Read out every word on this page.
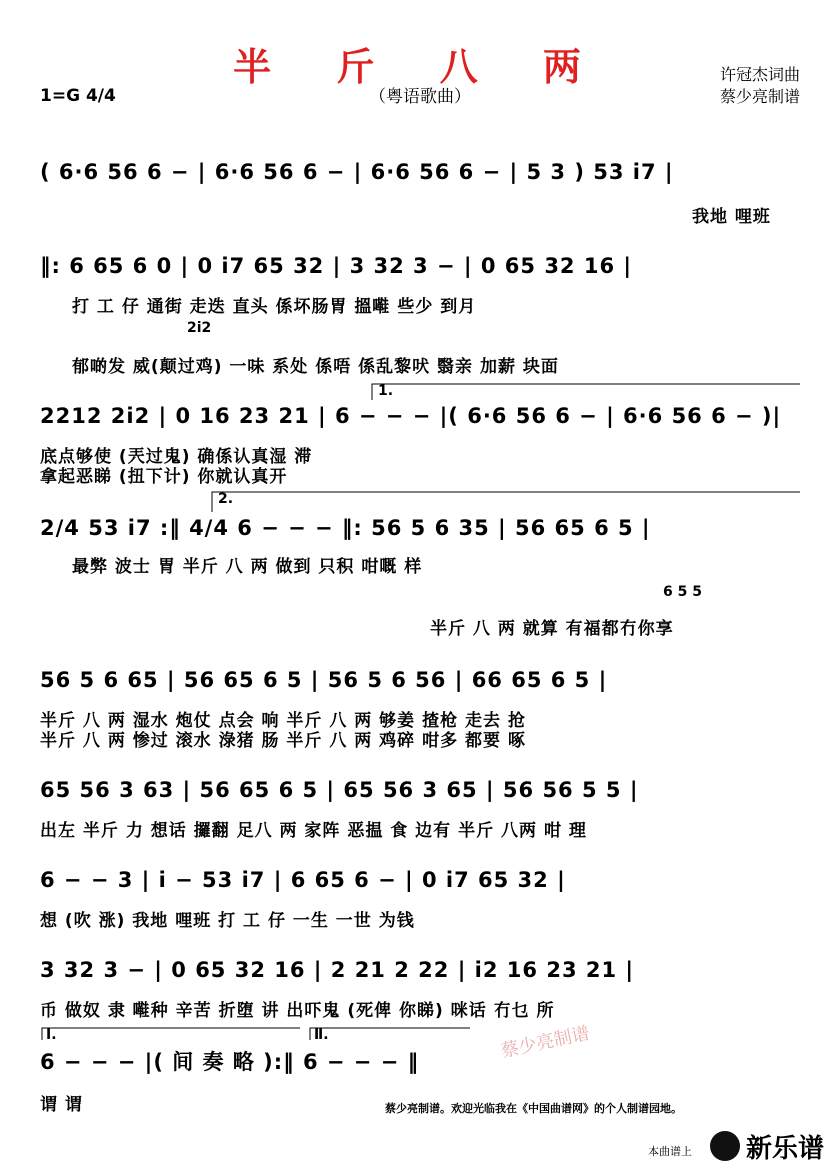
半 斤 八 两
（粤语歌曲）
1=G 4/4
许冠杰词曲
蔡少亮制谱
( 6·6 56 6 − | 6·6 56 6 − | 6·6 56 6 − | 5 3 ) 53 i7 |
我地 哩班
‖: 6 65 6 0 | 0 i7 65 32 | 3 32 3 − | 0 65 32 16 |
打 工 仔 通街 走迭 直头 係坏肠胃 搵嚡 些少 到月
2i2
郁啲发 威(颠过鸡) 一味 系处 係唔 係乱黎吠 翳亲 加薪 块面
2212 2i2 | 0 16 23 21 | 6 − − − |( 6·6 56 6 − | 6·6 56 6 − )|
底点够使 (兲过鬼) 确係认真湿 滞
拿起恶睇 (扭下计) 你就认真开
2/4 53 i7 :‖ 4/4 6 − − − ‖: 56 5 6 35 | 56 65 6 5 |
最弊 波士 胃 半斤 八 两 做到 只积 咁嘅 样
6 5 5
半斤 八 两 就算 有福都冇你享
56 5 6 65 | 56 65 6 5 | 56 5 6 56 | 66 65 6 5 |
半斤 八 两 湿水 炮仗 点会 响 半斤 八 两 够姜 揸枪 走去 抢
半斤 八 两 惨过 滚水 淥猪 肠 半斤 八 两 鸡碎 咁多 都要 啄
65 56 3 63 | 56 65 6 5 | 65 56 3 65 | 56 56 5 5 |
出左 半斤 力 想话 攞翻 足八 两 家阵 恶揾 食 边有 半斤 八两 咁 理
6 − − 3 | i − 53 i7 | 6 65 6 − | 0 i7 65 32 |
想 (吹 涨) 我地 哩班 打 工 仔 一生 一世 为钱
3 32 3 − | 0 65 32 16 | 2 21 2 22 | i2 16 23 21 |
币 做奴 隶 嚡种 辛苦 折堕 讲 出吓鬼 (死俾 你睇) 咪话 冇乜 所
6 − − − |( 间 奏 略 ):‖ 6 − − − ‖
谓 谓
1.
2.
Ⅰ.	Ⅱ.	蔡少亮制谱
蔡少亮制谱。欢迎光临我在《中国曲谱网》的个人制谱园地。
本曲谱上 新乐谱
